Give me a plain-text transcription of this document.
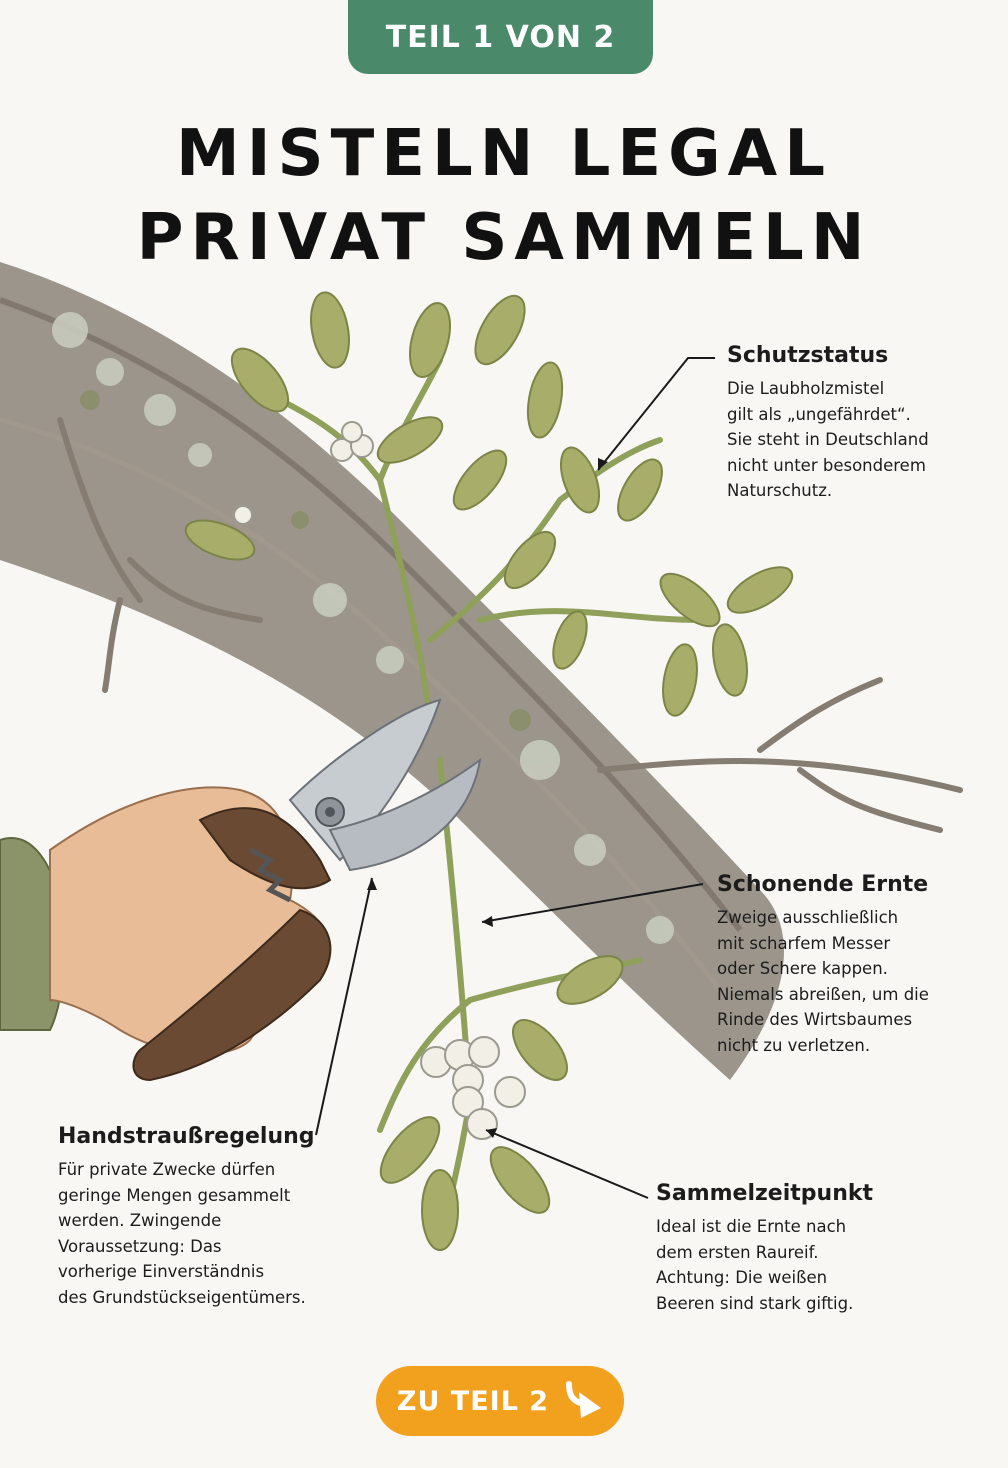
TEIL 1 VON 2
MISTELN LEGAL
PRIVAT SAMMELN
Schutzstatus

Die Laubholzmistel
gilt als „ungefährdet“.
Sie steht in Deutschland
nicht unter besonderem
Naturschutz.

Schonende Ernte

Zweige ausschließlich
mit scharfem Messer
oder Schere kappen.
Niemals abreißen, um die
Rinde des Wirtsbaumes
nicht zu verletzen.

Handstraußregelung

Für private Zwecke dürfen
geringe Mengen gesammelt
werden. Zwingende
Voraussetzung: Das
vorherige Einverständnis
des Grundstückseigentümers.

Sammelzeitpunkt

Ideal ist die Ernte nach
dem ersten Raureif.
Achtung: Die weißen
Beeren sind stark giftig.

ZU TEIL 2
